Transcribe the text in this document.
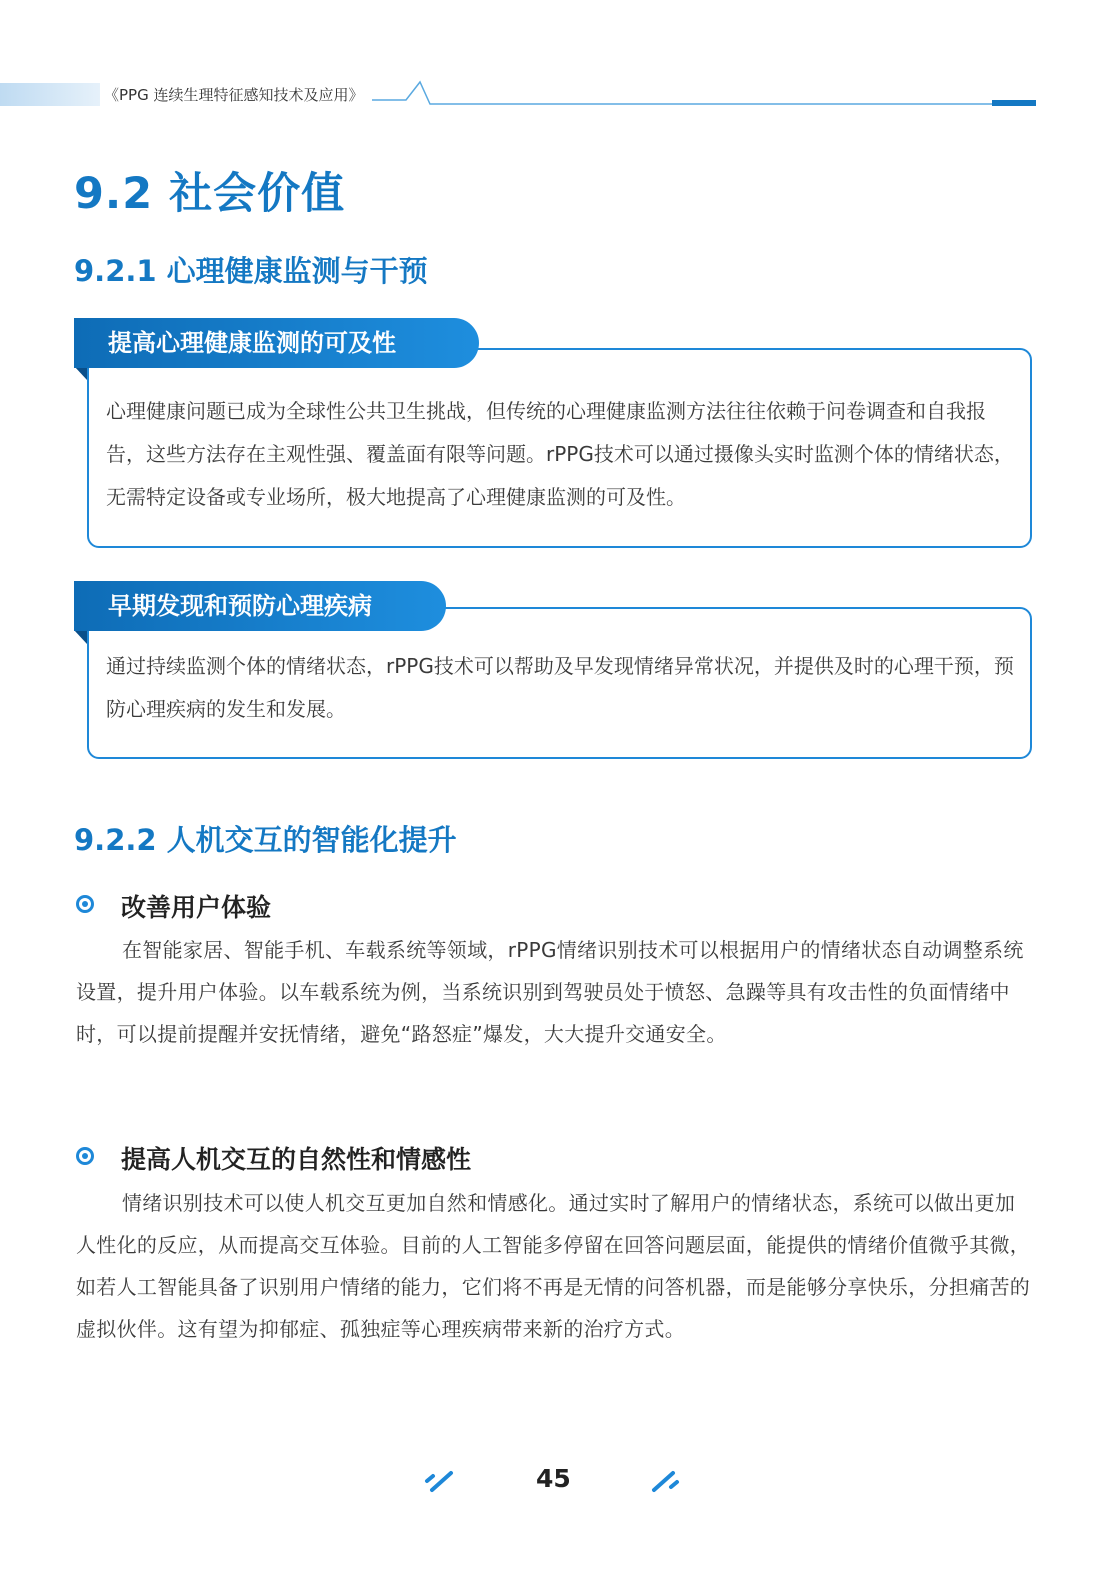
《PPG 连续生理特征感知技术及应用》
9.2 社会价值
9.2.1 心理健康监测与干预
提高心理健康监测的可及性
心理健康问题已成为全球性公共卫生挑战，但传统的心理健康监测方法往往依赖于问卷调查和自我报告，这些方法存在主观性强、覆盖面有限等问题。rPPG技术可以通过摄像头实时监测个体的情绪状态，无需特定设备或专业场所，极大地提高了心理健康监测的可及性。
早期发现和预防心理疾病
通过持续监测个体的情绪状态，rPPG技术可以帮助及早发现情绪异常状况，并提供及时的心理干预，预防心理疾病的发生和发展。
9.2.2 人机交互的智能化提升
改善用户体验
在智能家居、智能手机、车载系统等领域，rPPG情绪识别技术可以根据用户的情绪状态自动调整系统设置，提升用户体验。以车载系统为例，当系统识别到驾驶员处于愤怒、急躁等具有攻击性的负面情绪中时，可以提前提醒并安抚情绪，避免“路怒症”爆发，大大提升交通安全。
提高人机交互的自然性和情感性
情绪识别技术可以使人机交互更加自然和情感化。通过实时了解用户的情绪状态，系统可以做出更加人性化的反应，从而提高交互体验。目前的人工智能多停留在回答问题层面，能提供的情绪价值微乎其微，如若人工智能具备了识别用户情绪的能力，它们将不再是无情的问答机器，而是能够分享快乐，分担痛苦的虚拟伙伴。这有望为抑郁症、孤独症等心理疾病带来新的治疗方式。
45
